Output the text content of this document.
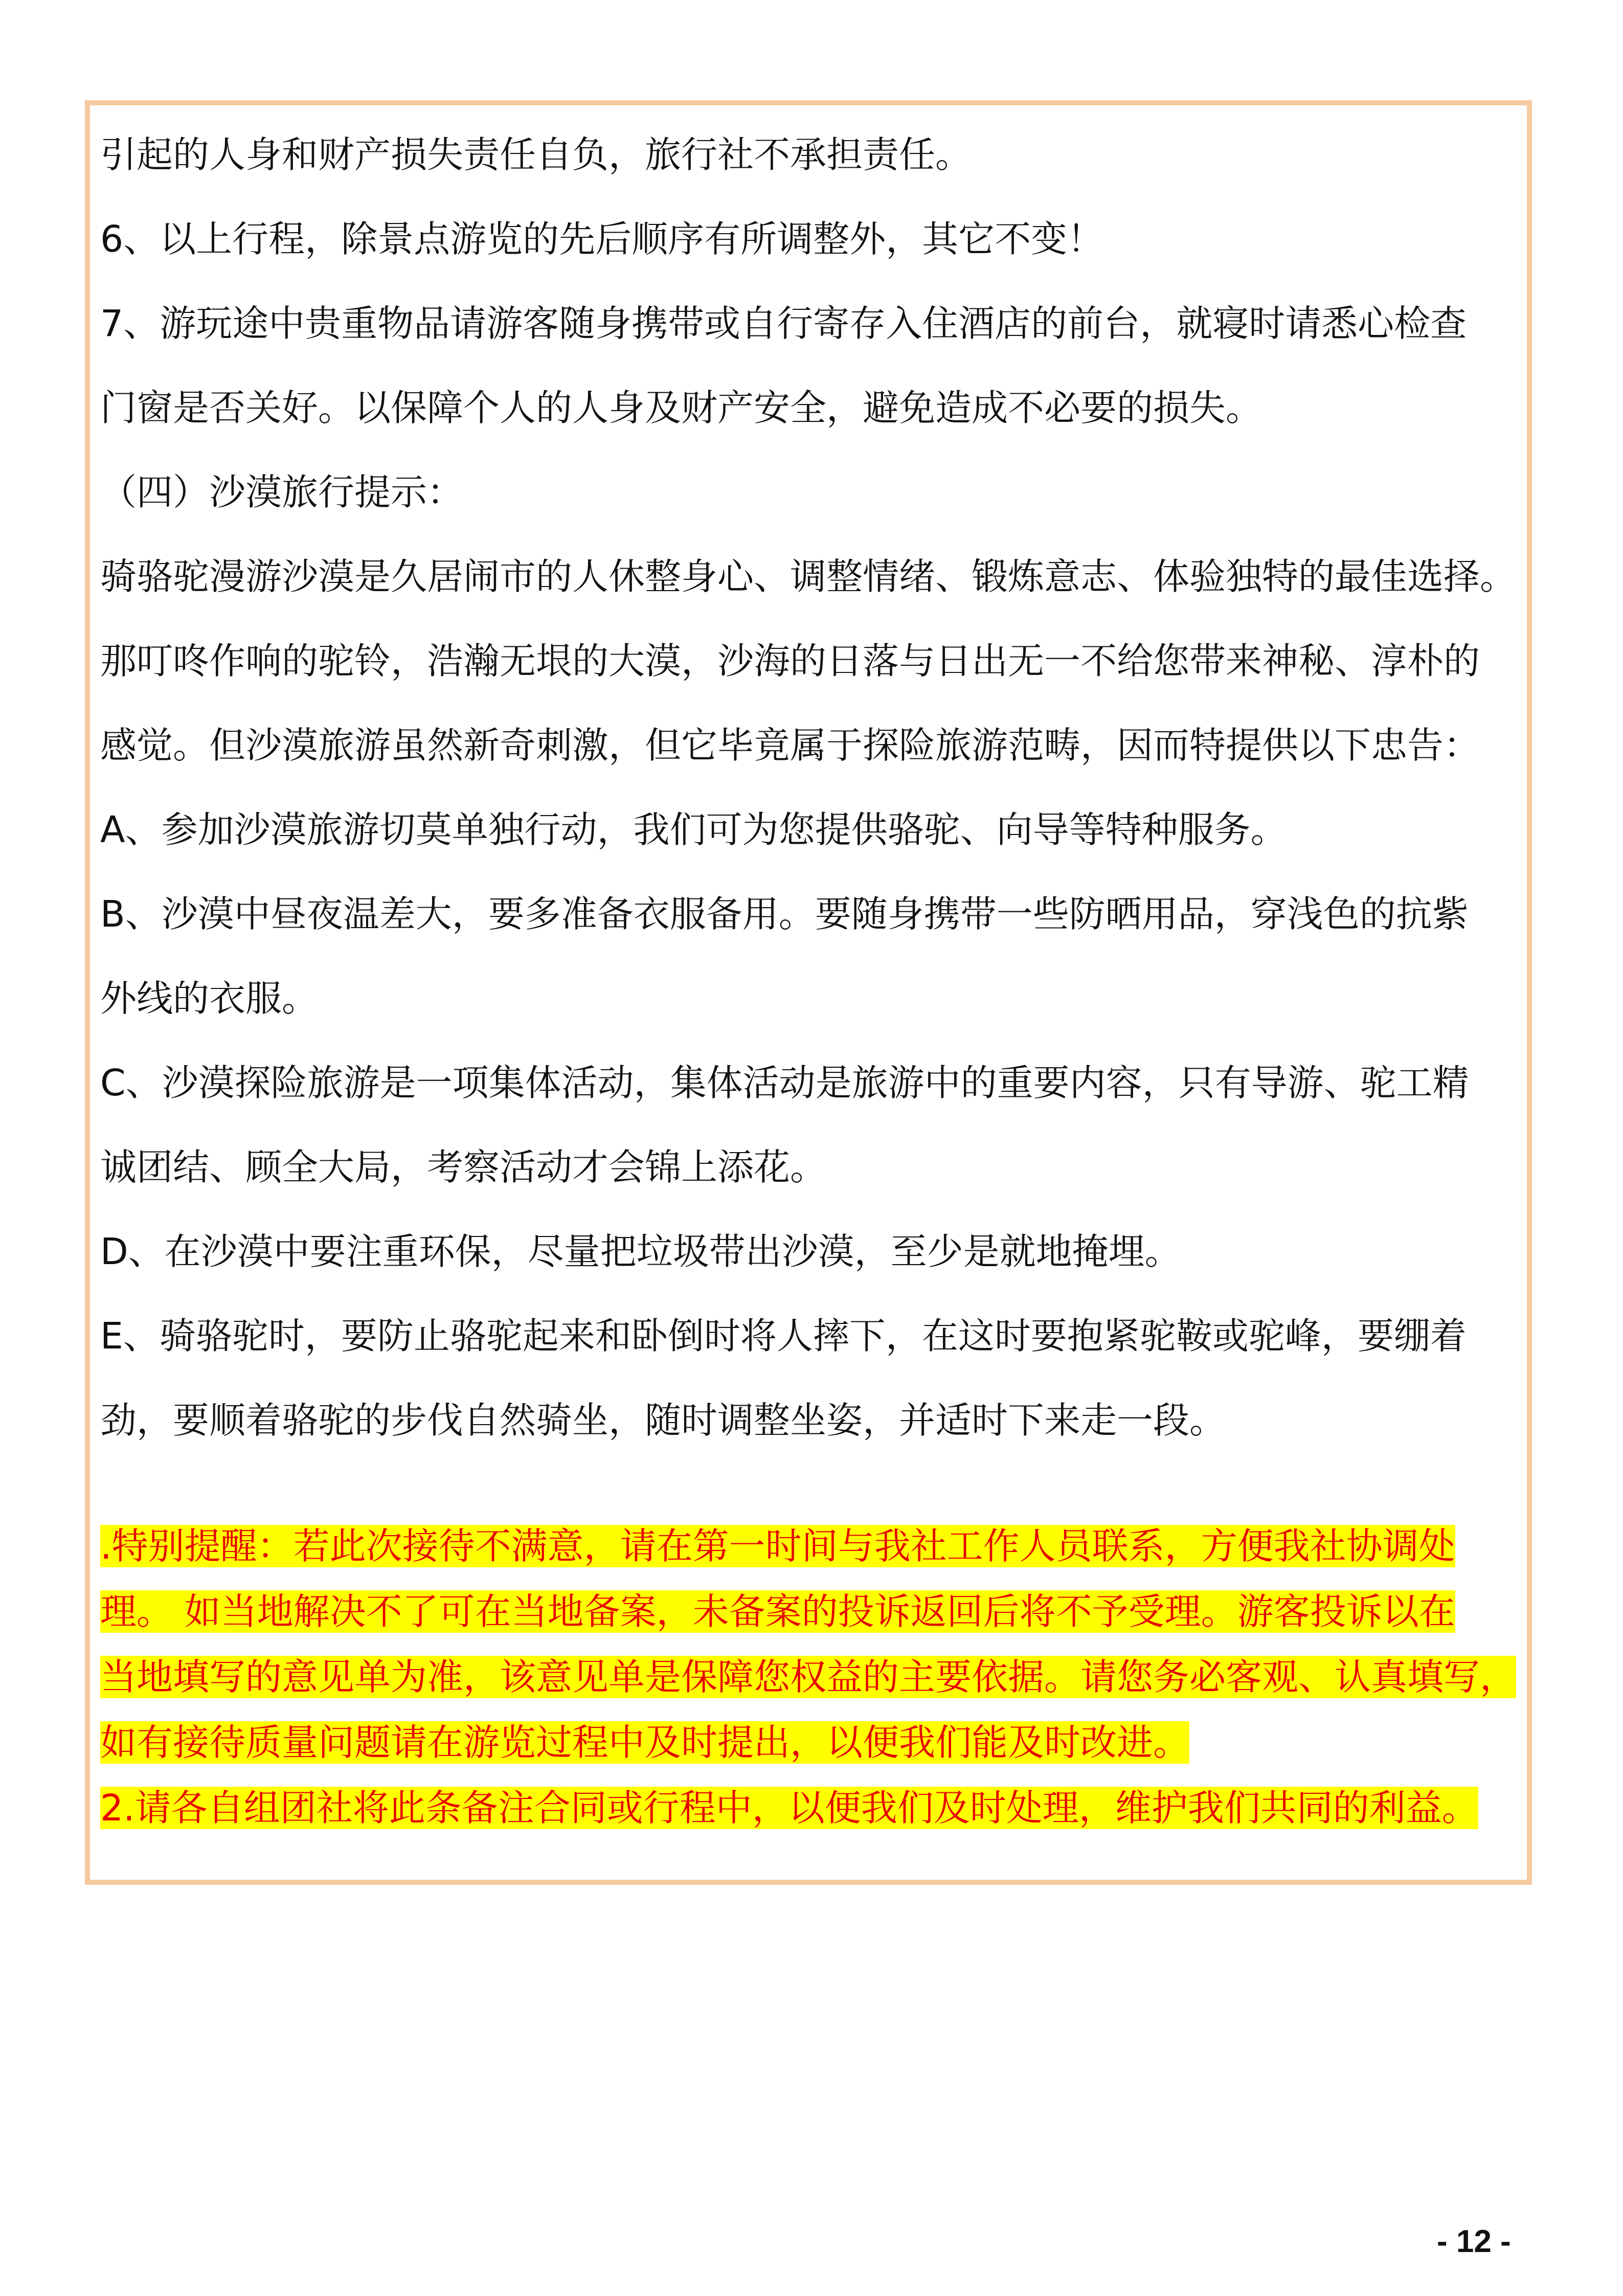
引起的人身和财产损失责任自负，旅行社不承担责任。

6、以上行程，除景点游览的先后顺序有所调整外，其它不变！

7、游玩途中贵重物品请游客随身携带或自行寄存入住酒店的前台，就寝时请悉心检查

门窗是否关好。以保障个人的人身及财产安全，避免造成不必要的损失。

（四）沙漠旅行提示：

骑骆驼漫游沙漠是久居闹市的人休整身心、调整情绪、锻炼意志、体验独特的最佳选择。

那叮咚作响的驼铃，浩瀚无垠的大漠，沙海的日落与日出无一不给您带来神秘、淳朴的

感觉。但沙漠旅游虽然新奇刺激，但它毕竟属于探险旅游范畴，因而特提供以下忠告：

A、参加沙漠旅游切莫单独行动，我们可为您提供骆驼、向导等特种服务。

B、沙漠中昼夜温差大，要多准备衣服备用。要随身携带一些防晒用品，穿浅色的抗紫

外线的衣服。

C、沙漠探险旅游是一项集体活动，集体活动是旅游中的重要内容，只有导游、驼工精

诚团结、顾全大局，考察活动才会锦上添花。

D、在沙漠中要注重环保，尽量把垃圾带出沙漠，至少是就地掩埋。

E、骑骆驼时，要防止骆驼起来和卧倒时将人摔下，在这时要抱紧驼鞍或驼峰，要绷着

劲，要顺着骆驼的步伐自然骑坐，随时调整坐姿，并适时下来走一段。

.特别提醒：若此次接待不满意，请在第一时间与我社工作人员联系，方便我社协调处

理。 如当地解决不了可在当地备案，未备案的投诉返回后将不予受理。游客投诉以在

当地填写的意见单为准，该意见单是保障您权益的主要依据。请您务必客观、认真填写，

如有接待质量问题请在游览过程中及时提出，以便我们能及时改进。

2.请各自组团社将此条备注合同或行程中，以便我们及时处理，维护我们共同的利益。

- 12 -
